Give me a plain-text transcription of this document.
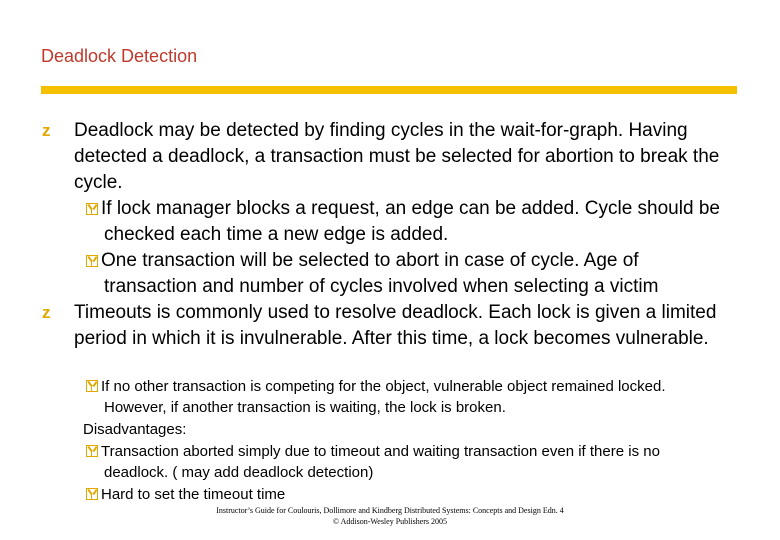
Deadlock Detection
z Deadlock may be detected by finding cycles in the wait-for-graph. Having detected a deadlock, a transaction must be selected for abortion to break the cycle.
If lock manager blocks a request, an edge can be added. Cycle should be checked each time a new edge is added.
One transaction will be selected to abort in case of cycle. Age of transaction and number of cycles involved when selecting a victim
z Timeouts is commonly used to resolve deadlock. Each lock is given a limited period in which it is invulnerable. After this time, a lock becomes vulnerable.
If no other transaction is competing for the object, vulnerable object remained locked. However, if another transaction is waiting, the lock is broken.
Disadvantages:
Transaction aborted simply due to timeout and waiting transaction even if there is no deadlock. ( may add deadlock detection)
Hard to set the timeout time
Instructor’s Guide for Coulouris, Dollimore and Kindberg Distributed Systems: Concepts and Design Edn. 4
© Addison-Wesley Publishers 2005
